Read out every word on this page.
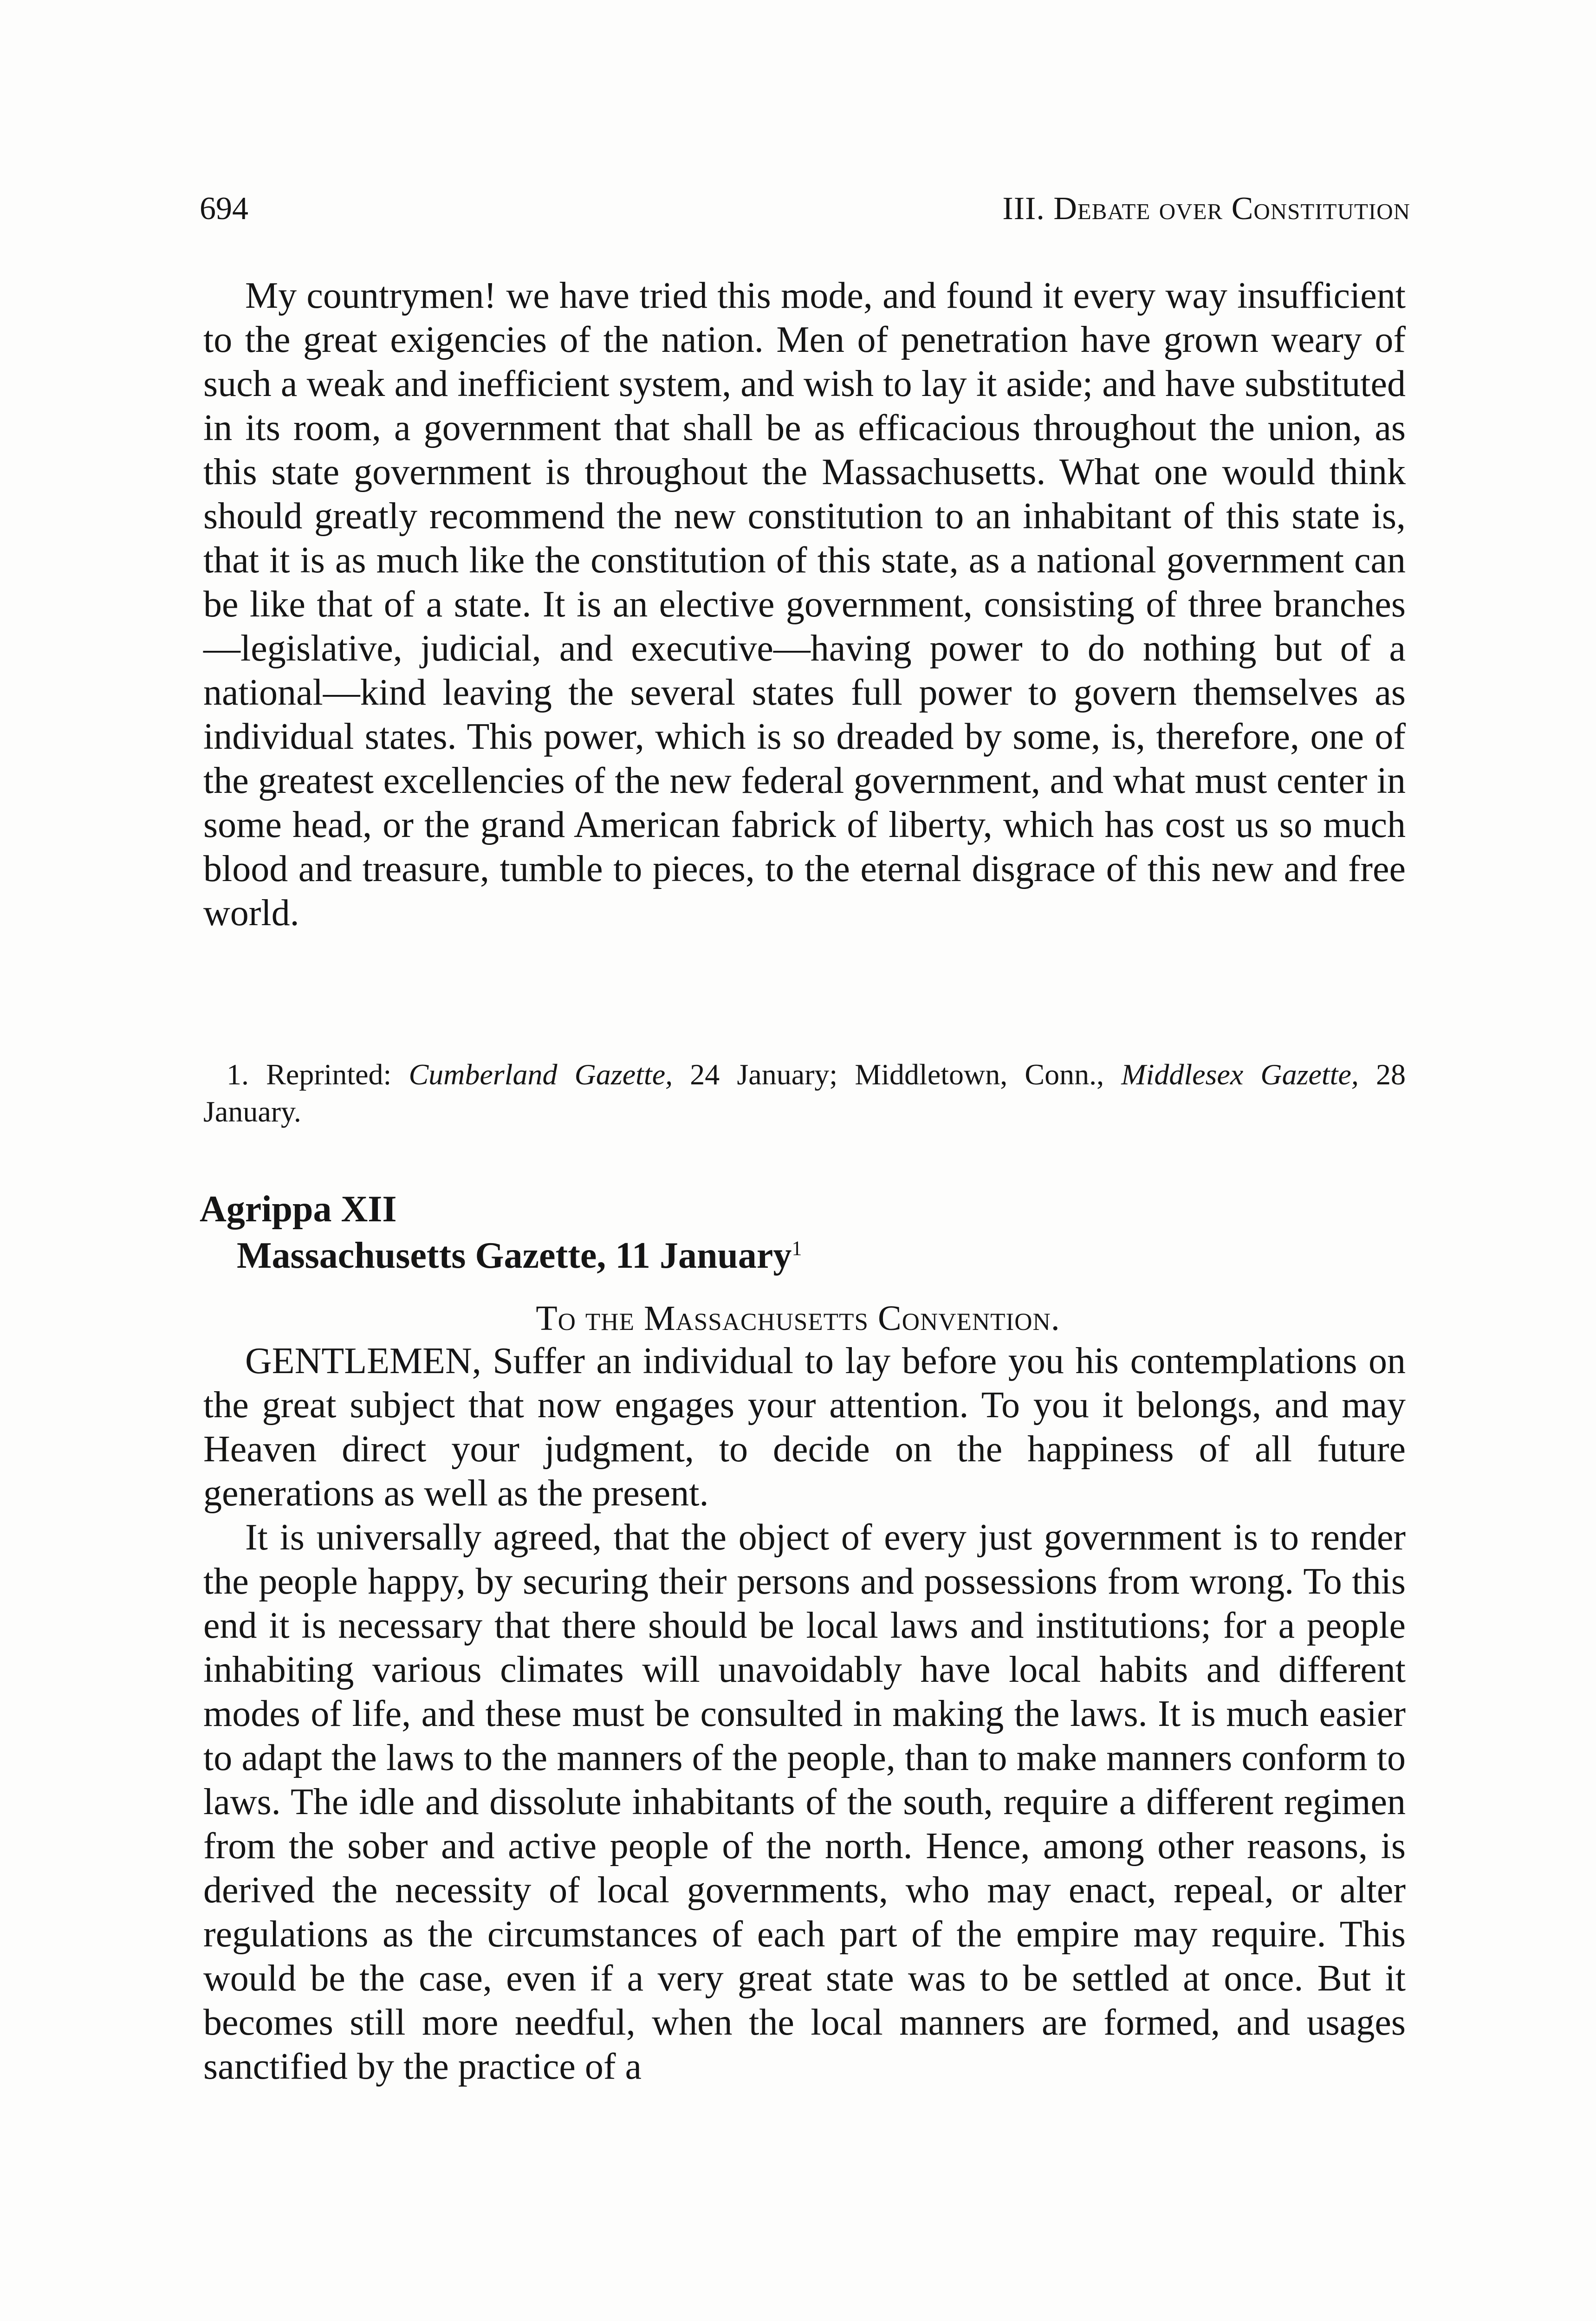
694	III. Debate over Constitution

My countrymen! we have tried this mode, and found it every way insufficient to the great exigencies of the nation. Men of penetration have grown weary of such a weak and inefficient system, and wish to lay it aside; and have substituted in its room, a government that shall be as efficacious throughout the union, as this state government is throughout the Massachusetts. What one would think should greatly recommend the new constitution to an inhabitant of this state is, that it is as much like the constitution of this state, as a national government can be like that of a state. It is an elective government, consisting of three branches—legislative, judicial, and executive—having power to do nothing but of a national—kind leaving the several states full power to govern themselves as individual states. This power, which is so dreaded by some, is, therefore, one of the greatest excellencies of the new federal government, and what must center in some head, or the grand American fabrick of liberty, which has cost us so much blood and treasure, tumble to pieces, to the eternal disgrace of this new and free world.

1. Reprinted: Cumberland Gazette, 24 January; Middletown, Conn., Middlesex Gazette, 28 January.
Agrippa XII
Massachusetts Gazette, 11 January$^1$
To the Massachusetts Convention.

GENTLEMEN, Suffer an individual to lay before you his contemplations on the great subject that now engages your attention. To you it belongs, and may Heaven direct your judgment, to decide on the happiness of all future generations as well as the present.

It is universally agreed, that the object of every just government is to render the people happy, by securing their persons and possessions from wrong. To this end it is necessary that there should be local laws and institutions; for a people inhabiting various climates will unavoidably have local habits and different modes of life, and these must be consulted in making the laws. It is much easier to adapt the laws to the manners of the people, than to make manners conform to laws. The idle and dissolute inhabitants of the south, require a different regimen from the sober and active people of the north. Hence, among other reasons, is derived the necessity of local governments, who may enact, repeal, or alter regulations as the circumstances of each part of the empire may require. This would be the case, even if a very great state was to be settled at once. But it becomes still more needful, when the local manners are formed, and usages sanctified by the practice of a
